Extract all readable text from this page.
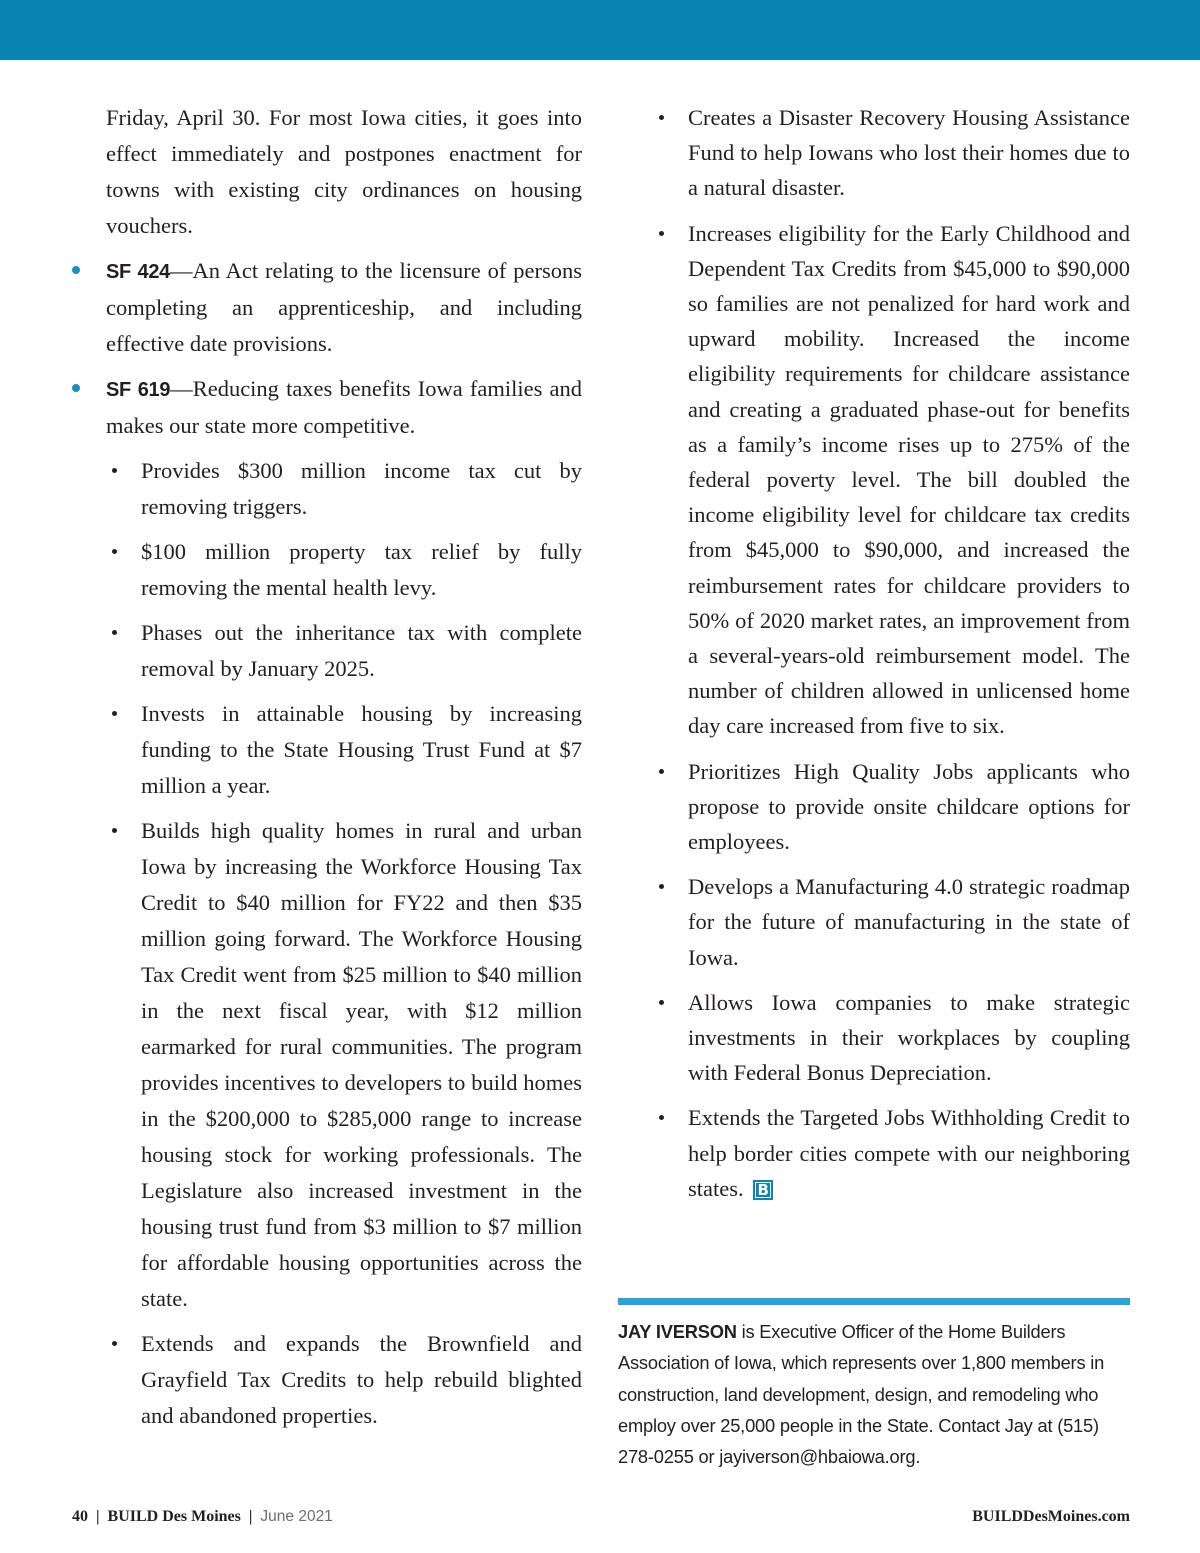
Friday, April 30. For most Iowa cities, it goes into effect immediately and postpones enactment for towns with existing city ordinances on housing vouchers.

SF 424—An Act relating to the licensure of persons completing an apprenticeship, and including effective date provisions.

SF 619—Reducing taxes benefits Iowa families and makes our state more competitive.

Provides $300 million income tax cut by removing triggers.

$100 million property tax relief by fully removing the mental health levy.

Phases out the inheritance tax with complete removal by January 2025.

Invests in attainable housing by increasing funding to the State Housing Trust Fund at $7 million a year.

Builds high quality homes in rural and urban Iowa by increasing the Workforce Housing Tax Credit to $40 million for FY22 and then $35 million going forward. The Workforce Housing Tax Credit went from $25 million to $40 million in the next fiscal year, with $12 million earmarked for rural communities. The program provides incentives to developers to build homes in the $200,000 to $285,000 range to increase housing stock for working professionals. The Legislature also increased investment in the housing trust fund from $3 million to $7 million for affordable housing opportunities across the state.

Extends and expands the Brownfield and Grayfield Tax Credits to help rebuild blighted and abandoned properties.

Creates a Disaster Recovery Housing Assistance Fund to help Iowans who lost their homes due to a natural disaster.

Increases eligibility for the Early Childhood and Dependent Tax Credits from $45,000 to $90,000 so families are not penalized for hard work and upward mobility. Increased the income eligibility requirements for childcare assistance and creating a graduated phase-out for benefits as a family’s income rises up to 275% of the federal poverty level. The bill doubled the income eligibility level for childcare tax credits from $45,000 to $90,000, and increased the reimbursement rates for childcare providers to 50% of 2020 market rates, an improvement from a several-years-old reimbursement model. The number of children allowed in unlicensed home day care increased from five to six.

Prioritizes High Quality Jobs applicants who propose to provide onsite childcare options for employees.

Develops a Manufacturing 4.0 strategic roadmap for the future of manufacturing in the state of Iowa.

Allows Iowa companies to make strategic investments in their workplaces by coupling with Federal Bonus Depreciation.

Extends the Targeted Jobs Withholding Credit to help border cities compete with our neighboring states. B

JAY IVERSON is Executive Officer of the Home Builders Association of Iowa, which represents over 1,800 members in construction, land development, design, and remodeling who employ over 25,000 people in the State. Contact Jay at (515) 278-0255 or jayiverson@hbaiowa.org.
40 | BUILD Des Moines | June 2021	BUILDDesMoines.com
